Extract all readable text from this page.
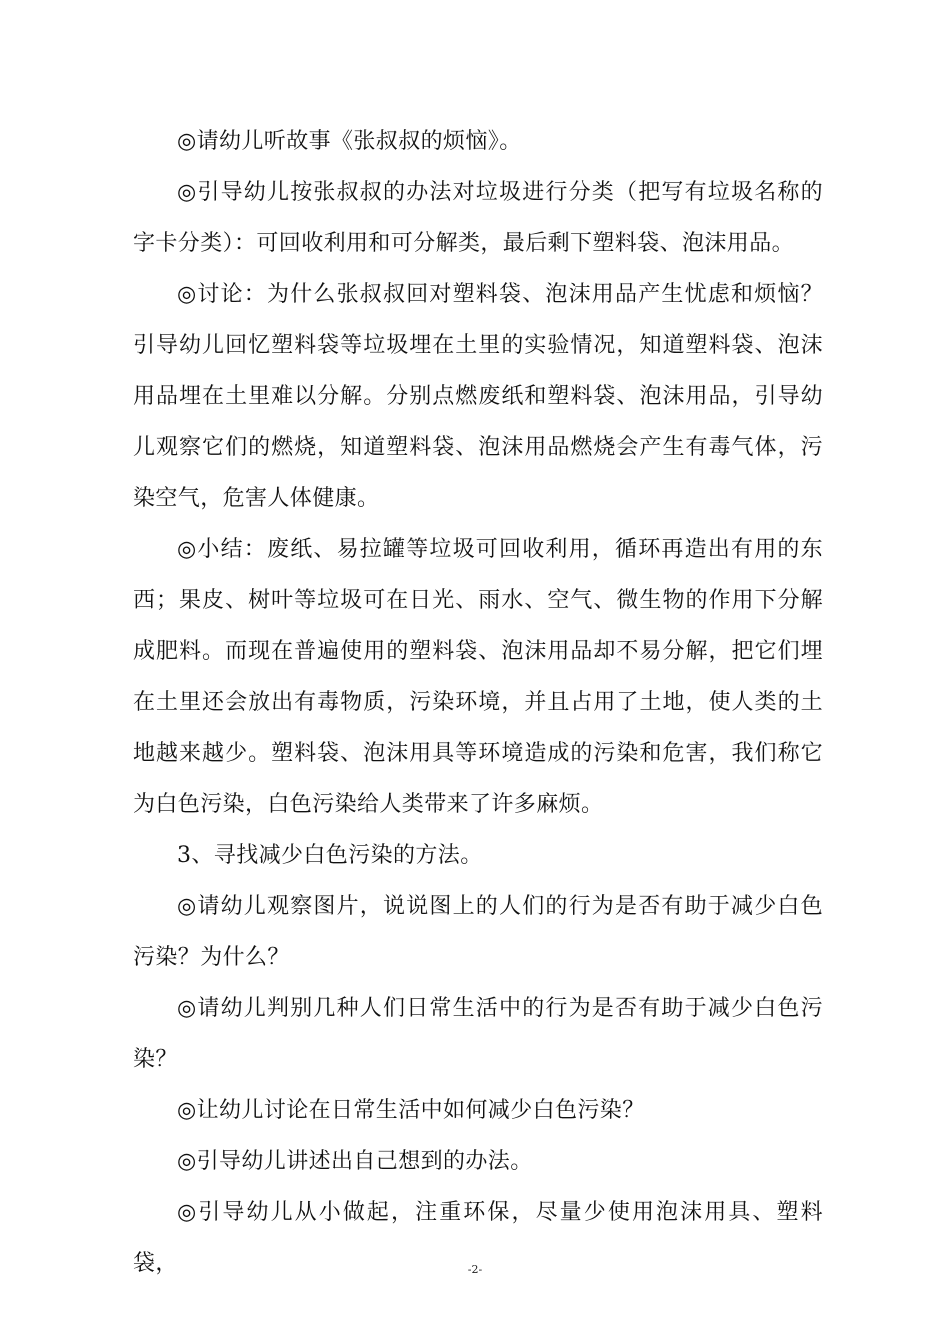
◎请幼儿听故事《张叔叔的烦恼》。

◎引导幼儿按张叔叔的办法对垃圾进行分类（把写有垃圾名称的字卡分类）：可回收利用和可分解类，最后剩下塑料袋、泡沫用品。

◎讨论：为什么张叔叔回对塑料袋、泡沫用品产生忧虑和烦恼？引导幼儿回忆塑料袋等垃圾埋在土里的实验情况，知道塑料袋、泡沫用品埋在土里难以分解。分别点燃废纸和塑料袋、泡沫用品，引导幼儿观察它们的燃烧，知道塑料袋、泡沫用品燃烧会产生有毒气体，污染空气，危害人体健康。

◎小结：废纸、易拉罐等垃圾可回收利用，循环再造出有用的东西；果皮、树叶等垃圾可在日光、雨水、空气、微生物的作用下分解成肥料。而现在普遍使用的塑料袋、泡沫用品却不易分解，把它们埋在土里还会放出有毒物质，污染环境，并且占用了土地，使人类的土地越来越少。塑料袋、泡沫用具等环境造成的污染和危害，我们称它为白色污染，白色污染给人类带来了许多麻烦。

3、寻找减少白色污染的方法。

◎请幼儿观察图片，说说图上的人们的行为是否有助于减少白色污染？为什么？

◎请幼儿判别几种人们日常生活中的行为是否有助于减少白色污染？

◎让幼儿讨论在日常生活中如何减少白色污染？

◎引导幼儿讲述出自己想到的办法。

◎引导幼儿从小做起，注重环保，尽量少使用泡沫用具、塑料袋，	-2-
